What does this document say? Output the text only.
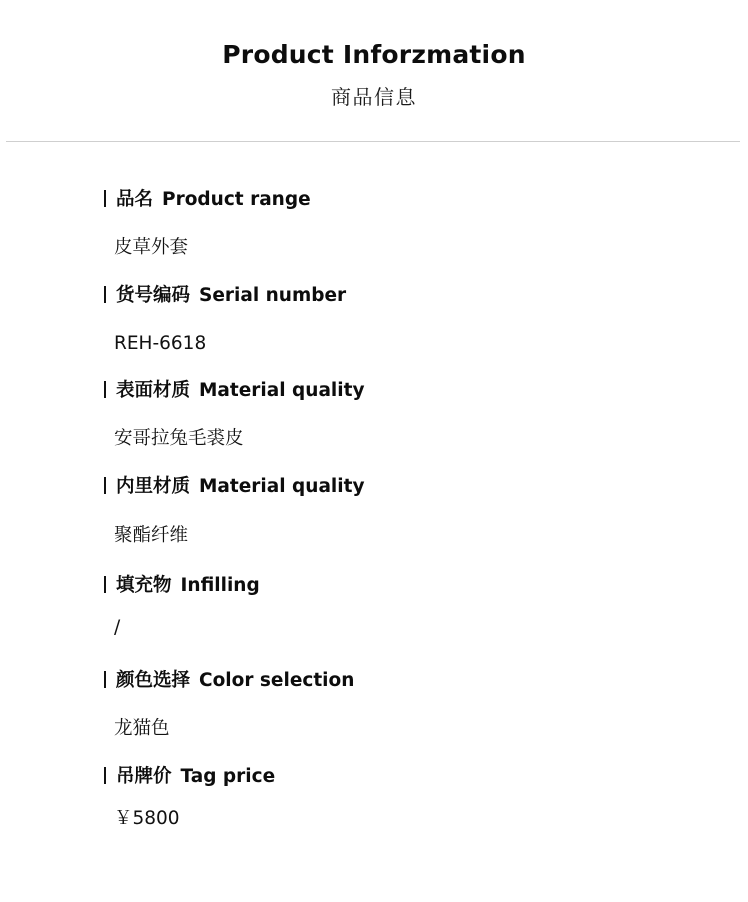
Product Inforzmation
商品信息
品名 Product range
皮草外套
货号编码 Serial number
REH-6618
表面材质 Material quality
安哥拉兔毛裘皮
内里材质 Material quality
聚酯纤维
填充物 Infilling
/
颜色选择 Color selection
龙猫色
吊牌价 Tag price
￥5800
